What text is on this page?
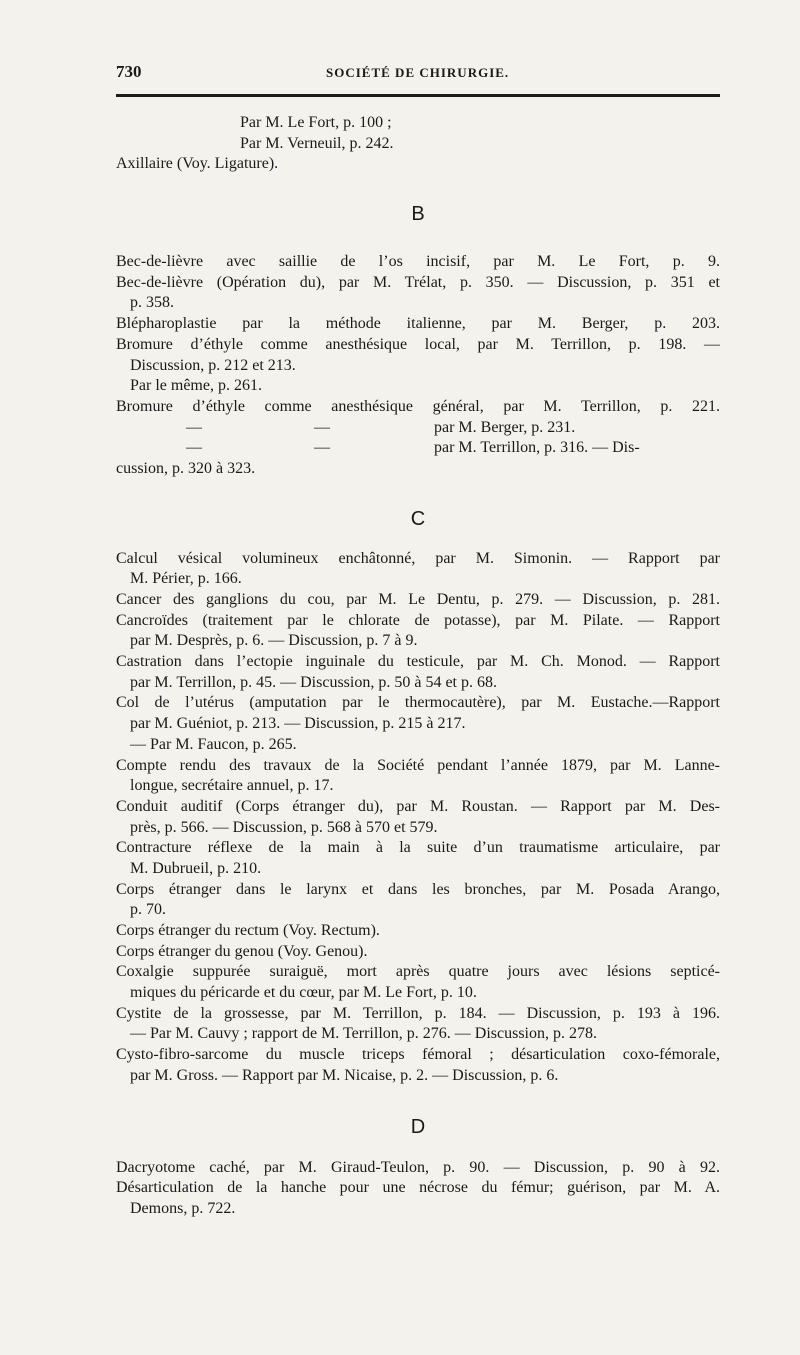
730	SOCIÉTÉ DE CHIRURGIE.
Par M. Le Fort, p. 100 ;
Par M. Verneuil, p. 242.
Axillaire (Voy. Ligature).
B
Bec-de-lièvre avec saillie de l’os incisif, par M. Le Fort, p. 9.
Bec-de-lièvre (Opération du), par M. Trélat, p. 350. — Discussion, p. 351 et
p. 358.
Blépharoplastie par la méthode italienne, par M. Berger, p. 203.
Bromure d’éthyle comme anesthésique local, par M. Terrillon, p. 198. —
Discussion, p. 212 et 213.
Par le même, p. 261.
Bromure d’éthyle comme anesthésique général, par M. Terrillon, p. 221.
—	—	par M. Berger, p. 231.
—	—	par M. Terrillon, p. 316. — Dis-
cussion, p. 320 à 323.
C
Calcul vésical volumineux enchâtonné, par M. Simonin. — Rapport par
M. Périer, p. 166.
Cancer des ganglions du cou, par M. Le Dentu, p. 279. — Discussion, p. 281.
Cancroïdes (traitement par le chlorate de potasse), par M. Pilate. — Rapport
par M. Desprès, p. 6. — Discussion, p. 7 à 9.
Castration dans l’ectopie inguinale du testicule, par M. Ch. Monod. — Rapport
par M. Terrillon, p. 45. — Discussion, p. 50 à 54 et p. 68.
Col de l’utérus (amputation par le thermocautère), par M. Eustache.—Rapport
par M. Guéniot, p. 213. — Discussion, p. 215 à 217.
— Par M. Faucon, p. 265.
Compte rendu des travaux de la Société pendant l’année 1879, par M. Lanne-
longue, secrétaire annuel, p. 17.
Conduit auditif (Corps étranger du), par M. Roustan. — Rapport par M. Des-
près, p. 566. — Discussion, p. 568 à 570 et 579.
Contracture réflexe de la main à la suite d’un traumatisme articulaire, par
M. Dubrueil, p. 210.
Corps étranger dans le larynx et dans les bronches, par M. Posada Arango,
p. 70.
Corps étranger du rectum (Voy. Rectum).
Corps étranger du genou (Voy. Genou).
Coxalgie suppurée suraiguë, mort après quatre jours avec lésions septicé-
miques du péricarde et du cœur, par M. Le Fort, p. 10.
Cystite de la grossesse, par M. Terrillon, p. 184. — Discussion, p. 193 à 196.
— Par M. Cauvy ; rapport de M. Terrillon, p. 276. — Discussion, p. 278.
Cysto-fibro-sarcome du muscle triceps fémoral ; désarticulation coxo-fémorale,
par M. Gross. — Rapport par M. Nicaise, p. 2. — Discussion, p. 6.
D
Dacryotome caché, par M. Giraud-Teulon, p. 90. — Discussion, p. 90 à 92.
Désarticulation de la hanche pour une nécrose du fémur; guérison, par M. A.
Demons, p. 722.
